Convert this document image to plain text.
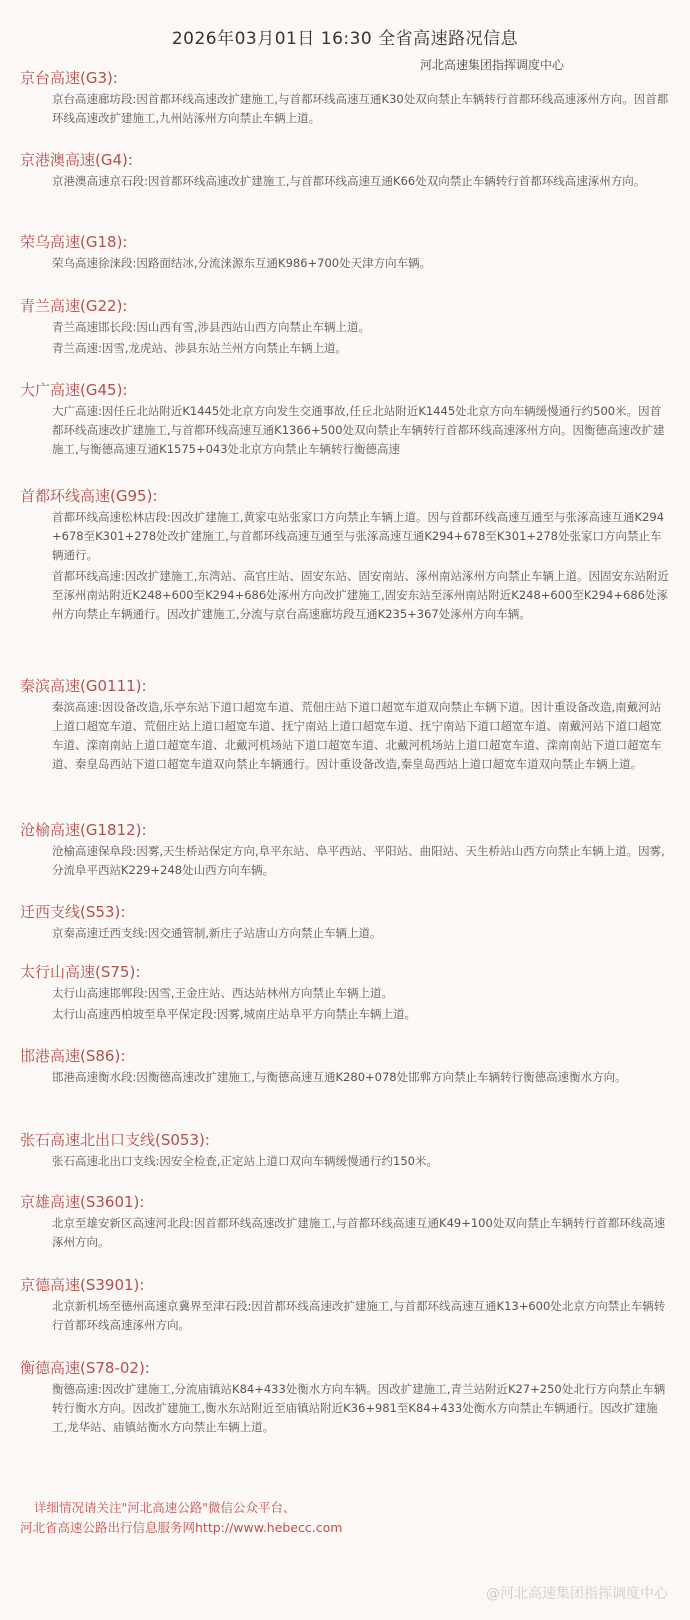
2026年03月01日 16:30 全省高速路况信息
河北高速集团指挥调度中心
京台高速(G3):
京台高速廊坊段:因首都环线高速改扩建施工,与首都环线高速互通K30处双向禁止车辆转行首都环线高速涿州方向。因首都环线高速改扩建施工,九州站涿州方向禁止车辆上道。
京港澳高速(G4):
京港澳高速京石段:因首都环线高速改扩建施工,与首都环线高速互通K66处双向禁止车辆转行首都环线高速涿州方向。
荣乌高速(G18):
荣乌高速徐涞段:因路面结冰,分流涞源东互通K986+700处天津方向车辆。
青兰高速(G22):
青兰高速邯长段:因山西有雪,涉县西站山西方向禁止车辆上道。
青兰高速:因雪,龙虎站、涉县东站兰州方向禁止车辆上道。
大广高速(G45):
大广高速:因任丘北站附近K1445处北京方向发生交通事故,任丘北站附近K1445处北京方向车辆缓慢通行约500米。因首都环线高速改扩建施工,与首都环线高速互通K1366+500处双向禁止车辆转行首都环线高速涿州方向。因衡德高速改扩建施工,与衡德高速互通K1575+043处北京方向禁止车辆转行衡德高速
首都环线高速(G95):
首都环线高速松林店段:因改扩建施工,黄家屯站张家口方向禁止车辆上道。因与首都环线高速互通至与张涿高速互通K294+678至K301+278处改扩建施工,与首都环线高速互通至与张涿高速互通K294+678至K301+278处张家口方向禁止车辆通行。
首都环线高速:因改扩建施工,东湾站、高官庄站、固安东站、固安南站、涿州南站涿州方向禁止车辆上道。因固安东站附近至涿州南站附近K248+600至K294+686处涿州方向改扩建施工,固安东站至涿州南站附近K248+600至K294+686处涿州方向禁止车辆通行。因改扩建施工,分流与京台高速廊坊段互通K235+367处涿州方向车辆。
秦滨高速(G0111):
秦滨高速:因设备改造,乐亭东站下道口超宽车道、荒佃庄站下道口超宽车道双向禁止车辆下道。因计重设备改造,南戴河站上道口超宽车道、荒佃庄站上道口超宽车道、抚宁南站上道口超宽车道、抚宁南站下道口超宽车道、南戴河站下道口超宽车道、滦南南站上道口超宽车道、北戴河机场站下道口超宽车道、北戴河机场站上道口超宽车道、滦南南站下道口超宽车道、秦皇岛西站下道口超宽车道双向禁止车辆通行。因计重设备改造,秦皇岛西站上道口超宽车道双向禁止车辆上道。
沧榆高速(G1812):
沧榆高速保阜段:因雾,天生桥站保定方向,阜平东站、阜平西站、平阳站、曲阳站、天生桥站山西方向禁止车辆上道。因雾,分流阜平西站K229+248处山西方向车辆。
迁西支线(S53):
京秦高速迁西支线:因交通管制,新庄子站唐山方向禁止车辆上道。
太行山高速(S75):
太行山高速邯郸段:因雪,王金庄站、西达站林州方向禁止车辆上道。
太行山高速西柏坡至阜平保定段:因雾,城南庄站阜平方向禁止车辆上道。
邯港高速(S86):
邯港高速衡水段:因衡德高速改扩建施工,与衡德高速互通K280+078处邯郸方向禁止车辆转行衡德高速衡水方向。
张石高速北出口支线(S053):
张石高速北出口支线:因安全检查,正定站上道口双向车辆缓慢通行约150米。
京雄高速(S3601):
北京至雄安新区高速河北段:因首都环线高速改扩建施工,与首都环线高速互通K49+100处双向禁止车辆转行首都环线高速涿州方向。
京德高速(S3901):
北京新机场至德州高速京冀界至津石段:因首都环线高速改扩建施工,与首都环线高速互通K13+600处北京方向禁止车辆转行首都环线高速涿州方向。
衡德高速(S78-02):
衡德高速:因改扩建施工,分流庙镇站K84+433处衡水方向车辆。因改扩建施工,青兰站附近K27+250处北行方向禁止车辆转行衡水方向。因改扩建施工,衡水东站附近至庙镇站附近K36+981至K84+433处衡水方向禁止车辆通行。因改扩建施工,龙华站、庙镇站衡水方向禁止车辆上道。
详细情况请关注"河北高速公路"微信公众平台、
河北省高速公路出行信息服务网http://www.hebecc.com
@河北高速集团指挥调度中心
